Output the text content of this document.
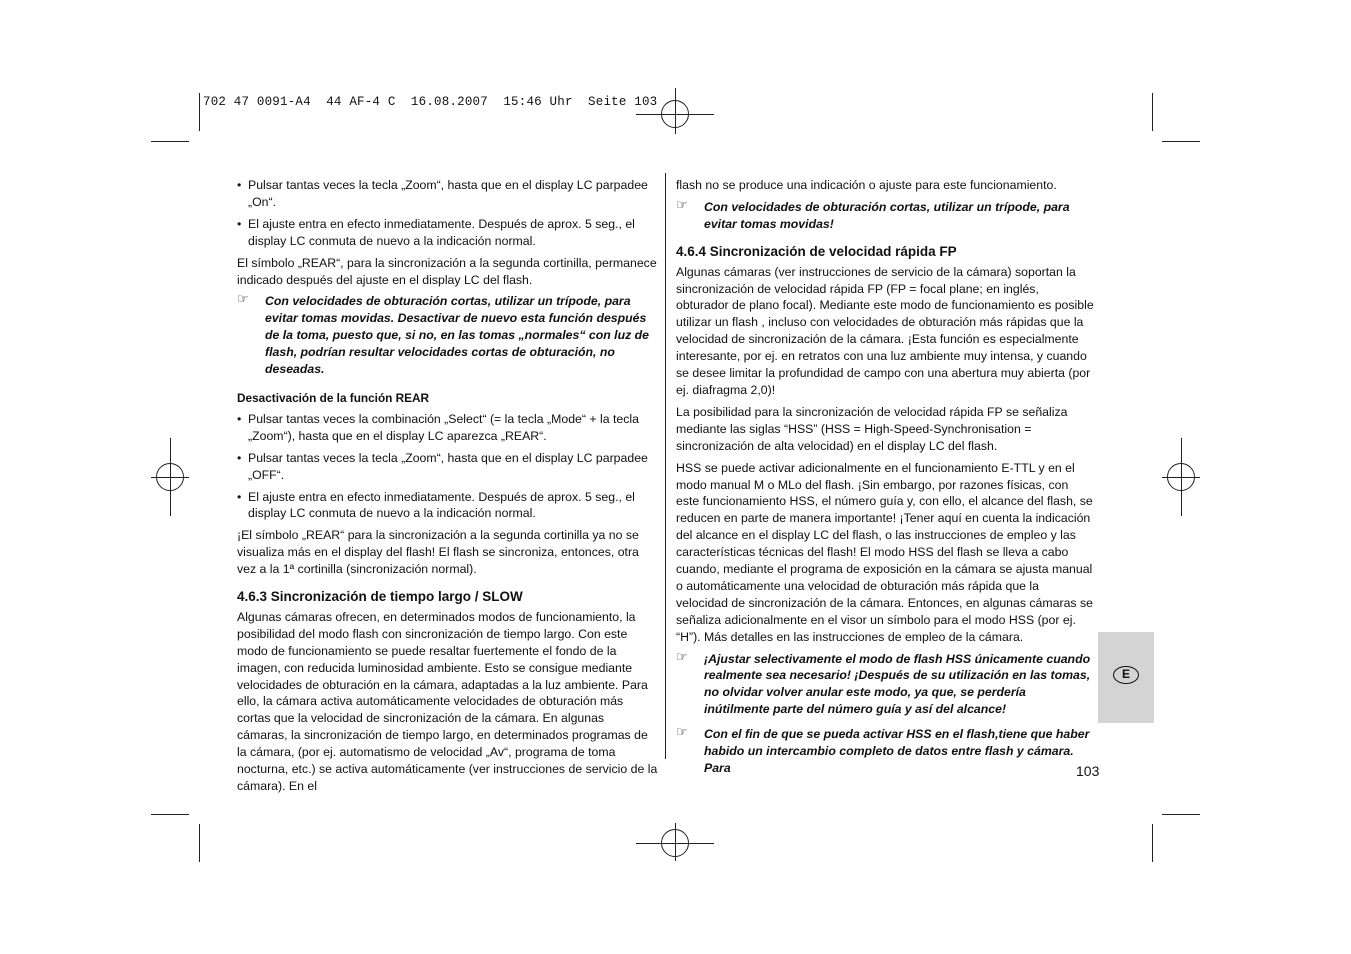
702 47 0091-A4  44 AF-4 C  16.08.2007  15:46 Uhr  Seite 103
• Pulsar tantas veces la tecla „Zoom“, hasta que en el display LC parpadee „On“.
• El ajuste entra en efecto inmediatamente. Después de aprox. 5 seg., el display LC conmuta de nuevo a la indicación normal.

El símbolo „REAR“, para la sincronización a la segunda cortinilla, permanece indicado después del ajuste en el display LC del flash.

☞ Con velocidades de obturación cortas, utilizar un trípode, para evitar tomas movidas. Desactivar de nuevo esta función después de la toma, puesto que, si no, en las tomas „normales“ con luz de flash, podrían resultar velocidades cortas de obturación, no deseadas.
Desactivación de la función REAR
• Pulsar tantas veces la combinación „Select“ (= la tecla „Mode“ + la tecla „Zoom“), hasta que en el display LC aparezca „REAR“.
• Pulsar tantas veces la tecla „Zoom“, hasta que en el display LC parpadee „OFF“.
• El ajuste entra en efecto inmediatamente. Después de aprox. 5 seg., el display LC conmuta de nuevo a la indicación normal.

¡El símbolo „REAR“ para la sincronización a la segunda cortinilla ya no se visualiza más en el display del flash! El flash se sincroniza, entonces, otra vez a la 1ª cortinilla (sincronización normal).

4.6.3 Sincronización de tiempo largo / SLOW

Algunas cámaras ofrecen, en determinados modos de funcionamiento, la posibilidad del modo flash con sincronización de tiempo largo. Con este modo de funcionamiento se puede resaltar fuertemente el fondo de la imagen, con reducida luminosidad ambiente. Esto se consigue mediante velocidades de obturación en la cámara, adaptadas a la luz ambiente. Para ello, la cámara activa automáticamente velocidades de obturación más cortas que la velocidad de sincronización de la cámara. En algunas cámaras, la sincronización de tiempo largo, en determinados programas de la cámara, (por ej. automatismo de velocidad „Av“, programa de toma nocturna, etc.) se activa automáticamente (ver instrucciones de servicio de la cámara). En el

flash no se produce una indicación o ajuste para este funcionamiento.

☞ Con velocidades de obturación cortas, utilizar un trípode, para evitar tomas movidas!
4.6.4 Sincronización de velocidad rápida FP

Algunas cámaras (ver instrucciones de servicio de la cámara) soportan la sincronización de velocidad rápida FP (FP = focal plane; en inglés, obturador de plano focal). Mediante este modo de funcionamiento es posible utilizar un flash , incluso con velocidades de obturación más rápidas que la velocidad de sincronización de la cámara. ¡Esta función es especialmente interesante, por ej. en retratos con una luz ambiente muy intensa, y cuando se desee limitar la profundidad de campo con una abertura muy abierta (por ej. diafragma 2,0)!

La posibilidad para la sincronización de velocidad rápida FP se señaliza mediante las siglas “HSS” (HSS = High-Speed-Synchronisation = sincronización de alta velocidad) en el display LC del flash.

HSS se puede activar adicionalmente en el funcionamiento E-TTL y en el modo manual M o MLo del flash. ¡Sin embargo, por razones físicas, con este funcionamiento HSS, el número guía y, con ello, el alcance del flash, se reducen en parte de manera importante! ¡Tener aquí en cuenta la indicación del alcance en el display LC del flash, o las instrucciones de empleo y las características técnicas del flash! El modo HSS del flash se lleva a cabo cuando, mediante el programa de exposición en la cámara se ajusta manual o automáticamente una velocidad de obturación más rápida que la velocidad de sincronización de la cámara. Entonces, en algunas cámaras se señaliza adicionalmente en el visor un símbolo para el modo HSS (por ej. “H”). Más detalles en las instrucciones de empleo de la cámara.

☞ ¡Ajustar selectivamente el modo de flash HSS únicamente cuando realmente sea necesario! ¡Después de su utilización en las tomas, no olvidar volver anular este modo, ya que, se perdería inútilmente parte del número guía y así del alcance!
☞ Con el fin de que se pueda activar HSS en el flash,tiene que haber habido un intercambio completo de datos entre flash y cámara. Para
E
103
